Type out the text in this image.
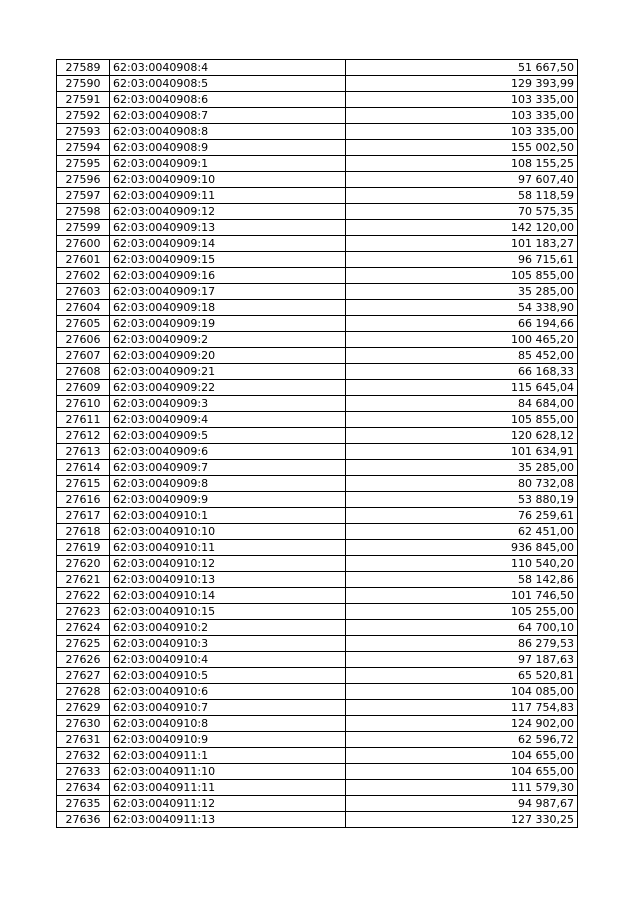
27589	62:03:0040908:4	51 667,50
27590	62:03:0040908:5	129 393,99
27591	62:03:0040908:6	103 335,00
27592	62:03:0040908:7	103 335,00
27593	62:03:0040908:8	103 335,00
27594	62:03:0040908:9	155 002,50
27595	62:03:0040909:1	108 155,25
27596	62:03:0040909:10	97 607,40
27597	62:03:0040909:11	58 118,59
27598	62:03:0040909:12	70 575,35
27599	62:03:0040909:13	142 120,00
27600	62:03:0040909:14	101 183,27
27601	62:03:0040909:15	96 715,61
27602	62:03:0040909:16	105 855,00
27603	62:03:0040909:17	35 285,00
27604	62:03:0040909:18	54 338,90
27605	62:03:0040909:19	66 194,66
27606	62:03:0040909:2	100 465,20
27607	62:03:0040909:20	85 452,00
27608	62:03:0040909:21	66 168,33
27609	62:03:0040909:22	115 645,04
27610	62:03:0040909:3	84 684,00
27611	62:03:0040909:4	105 855,00
27612	62:03:0040909:5	120 628,12
27613	62:03:0040909:6	101 634,91
27614	62:03:0040909:7	35 285,00
27615	62:03:0040909:8	80 732,08
27616	62:03:0040909:9	53 880,19
27617	62:03:0040910:1	76 259,61
27618	62:03:0040910:10	62 451,00
27619	62:03:0040910:11	936 845,00
27620	62:03:0040910:12	110 540,20
27621	62:03:0040910:13	58 142,86
27622	62:03:0040910:14	101 746,50
27623	62:03:0040910:15	105 255,00
27624	62:03:0040910:2	64 700,10
27625	62:03:0040910:3	86 279,53
27626	62:03:0040910:4	97 187,63
27627	62:03:0040910:5	65 520,81
27628	62:03:0040910:6	104 085,00
27629	62:03:0040910:7	117 754,83
27630	62:03:0040910:8	124 902,00
27631	62:03:0040910:9	62 596,72
27632	62:03:0040911:1	104 655,00
27633	62:03:0040911:10	104 655,00
27634	62:03:0040911:11	111 579,30
27635	62:03:0040911:12	94 987,67
27636	62:03:0040911:13	127 330,25
